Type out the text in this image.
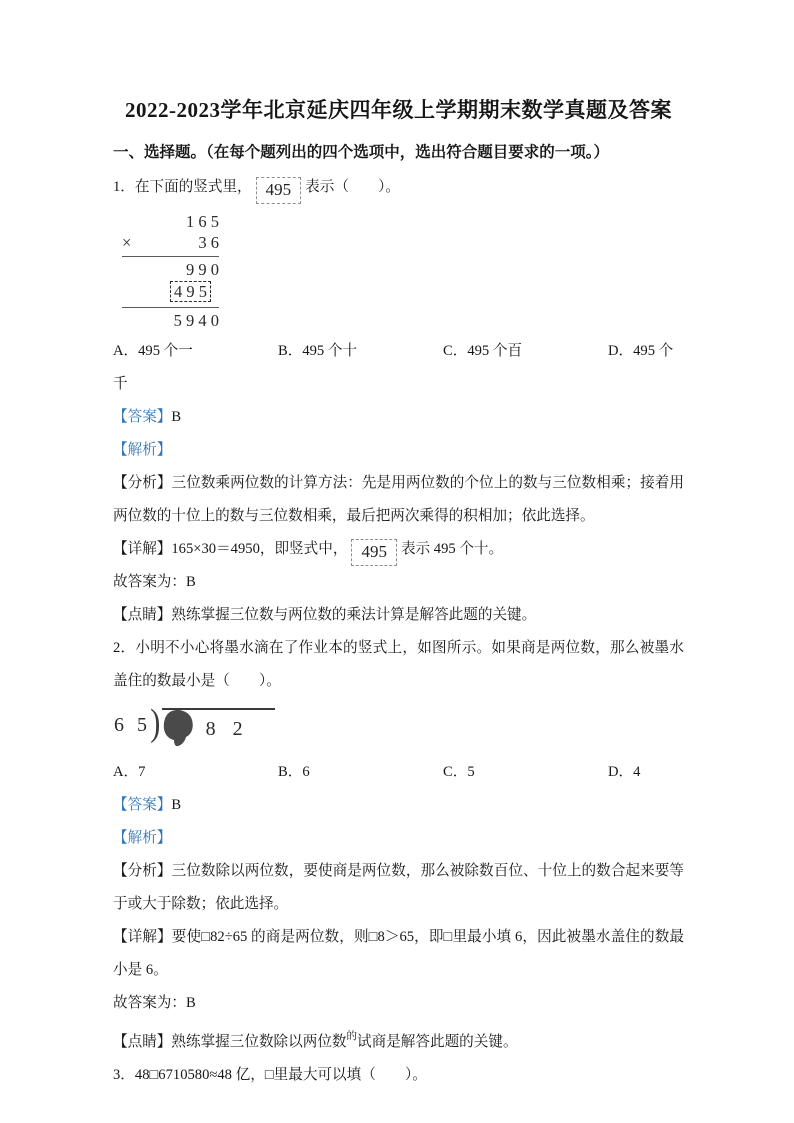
2022-2023学年北京延庆四年级上学期期末数学真题及答案
一、选择题。（在每个题列出的四个选项中，选出符合题目要求的一项。）

1．在下面的竖式里， 495 表示（　　）。

1 6 5
×	3 6
9 9 0
4 9 5
5 9 4 0
A．495 个一	B．495 个十	C．495 个百	D．495 个

千

【答案】B

【解析】

【分析】三位数乘两位数的计算方法：先是用两位数的个位上的数与三位数相乘；接着用两位数的十位上的数与三位数相乘，最后把两次乘得的积相加；依此选择。

【详解】165×30＝4950，即竖式中， 495 表示 495 个十。

故答案为：B

【点睛】熟练掌握三位数与两位数的乘法计算是解答此题的关键。

2．小明不小心将墨水滴在了作业本的竖式上，如图所示。如果商是两位数，那么被墨水盖住的数最小是（　　）。

6 5 ) 8 2
A．7	B．6	C．5	D．4

【答案】B

【解析】

【分析】三位数除以两位数，要使商是两位数，那么被除数百位、十位上的数合起来要等于或大于除数；依此选择。

【详解】要使□82÷65 的商是两位数，则□8＞65，即□里最小填 6，因此被墨水盖住的数最小是 6。

故答案为：B

【点睛】熟练掌握三位数除以两位数$^的$试商是解答此题的关键。

3．48□6710580≈48 亿，□里最大可以填（　　）。
